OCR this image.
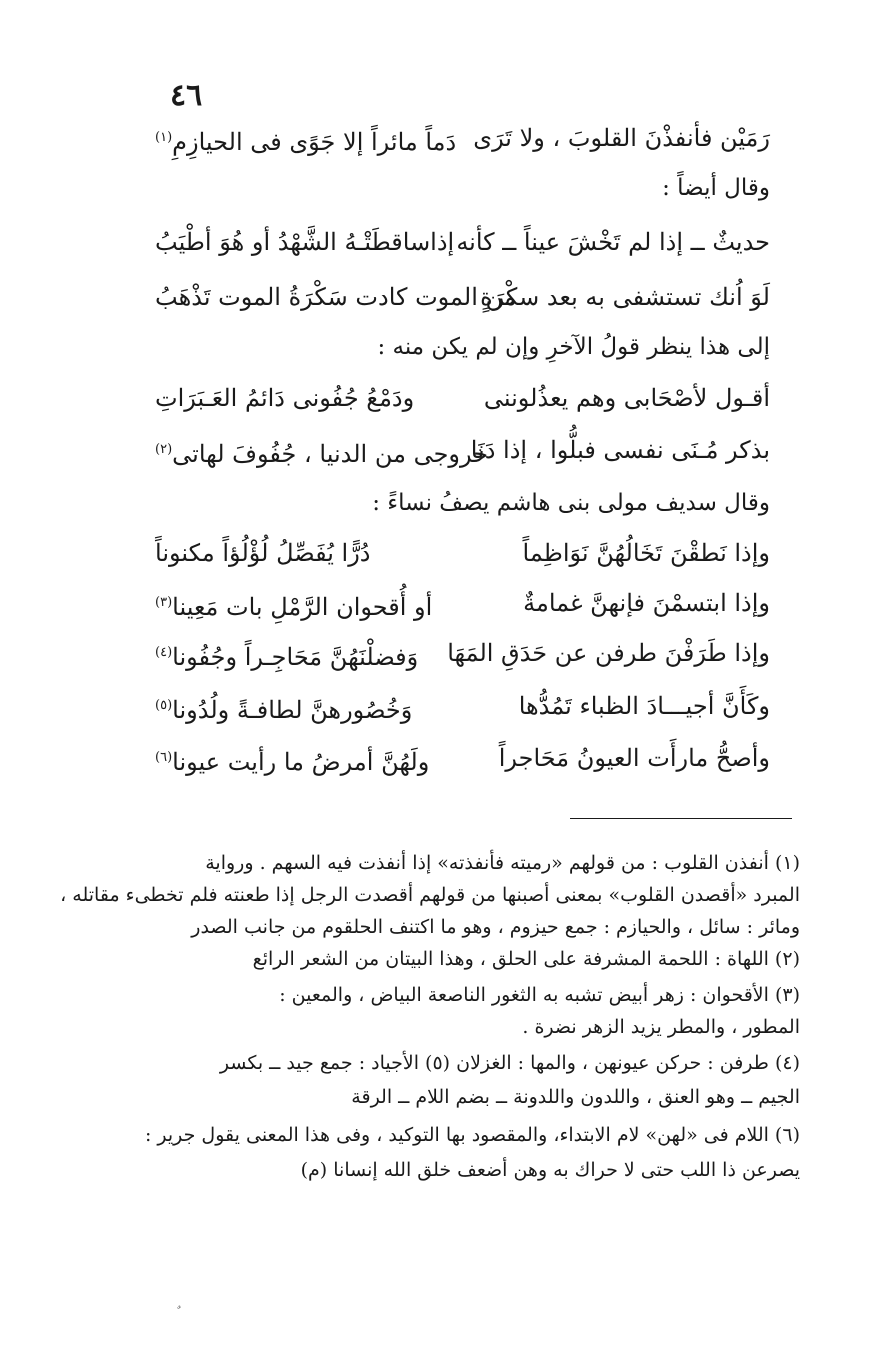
٤٦
رَمَيْن فأنفذْنَ القلوبَ ، ولا تَرَى
دَماً مائراً إلا جَوًى فى الحيازِمِ$^{(١)}$
وقال أيضاً :
حديثٌ ــ إذا لم تَخْشَ عيناً ــ كأنه
إذاساقطَتْـهُ الشَّهْدُ أو هُوَ أطْيَبُ
لَوَ اُنك تستشفى به بعد سكْرَةٍ
من الموت كادت سَكْرَةُ الموت تَذْهَبُ
إلى هذا ينظر قولُ الآخرِ وإن لم يكن منه :
أقـول لأصْحَابى وهم يعذُلوننى
ودَمْعُ جُفُونى دَائمُ العَـبَرَاتِ
بذكر مُـنَى نفسى فبلُّوا ، إذا دَنَا
خروجى من الدنيا ، جُفُوفَ لهاتى$^{(٢)}$
وقال سديف مولى بنى هاشم يصفُ نساءً :
وإذا نَطقْنَ تَخَالُهُنَّ نَوَاظِماً
دُرًّا يُفَصِّلُ لُؤْلُؤاً مكنوناً
وإذا ابتسمْنَ فإنهنَّ غمامةٌ
أو أُقحوان الرَّمْلِ بات مَعِينا$^{(٣)}$
وإذا طَرَفْنَ طرفن عن حَدَقِ المَهَا
وَفضلْنَهُنَّ مَحَاجِـراً وجُفُونا$^{(٤)}$
وكَأَنَّ أجيـــادَ الظباء تَمُدُّها
وَخُصُورهنَّ لطافـةً ولُدُونا$^{(٥)}$
وأصحُّ مارأَت العيونُ مَحَاجراً
ولَهُنَّ أمرضُ ما رأيت عيونا$^{(٦)}$
(١) أنفذن القلوب : من قولهم «رميته فأنفذته» إذا أنفذت فيه السهم . ورواية
المبرد «أقصدن القلوب» بمعنى أصبنها من قولهم أقصدت الرجل إذا طعنته فلم تخطىء مقاتله ،
ومائر : سائل ، والحيازم : جمع حيزوم ، وهو ما اكتنف الحلقوم من جانب الصدر
(٢) اللهاة : اللحمة المشرفة على الحلق ، وهذا البيتان من الشعر الرائع
(٣) الأقحوان : زهر أبيض تشبه به الثغور الناصعة البياض ، والمعين :
المطور ، والمطر يزيد الزهر نضرة .
(٤) طرفن : حركن عيونهن ، والمها : الغزلان (٥) الأجياد : جمع جيد ــ بكسر
الجيم ــ وهو العنق ، واللدون واللدونة ــ بضم اللام ــ الرقة
(٦) اللام فى «لهن» لام الابتداء، والمقصود بها التوكيد ، وفى هذا المعنى يقول جرير :
يصرعن ذا اللب حتى لا حراك به وهن أضعف خلق الله إنسانا (م)
